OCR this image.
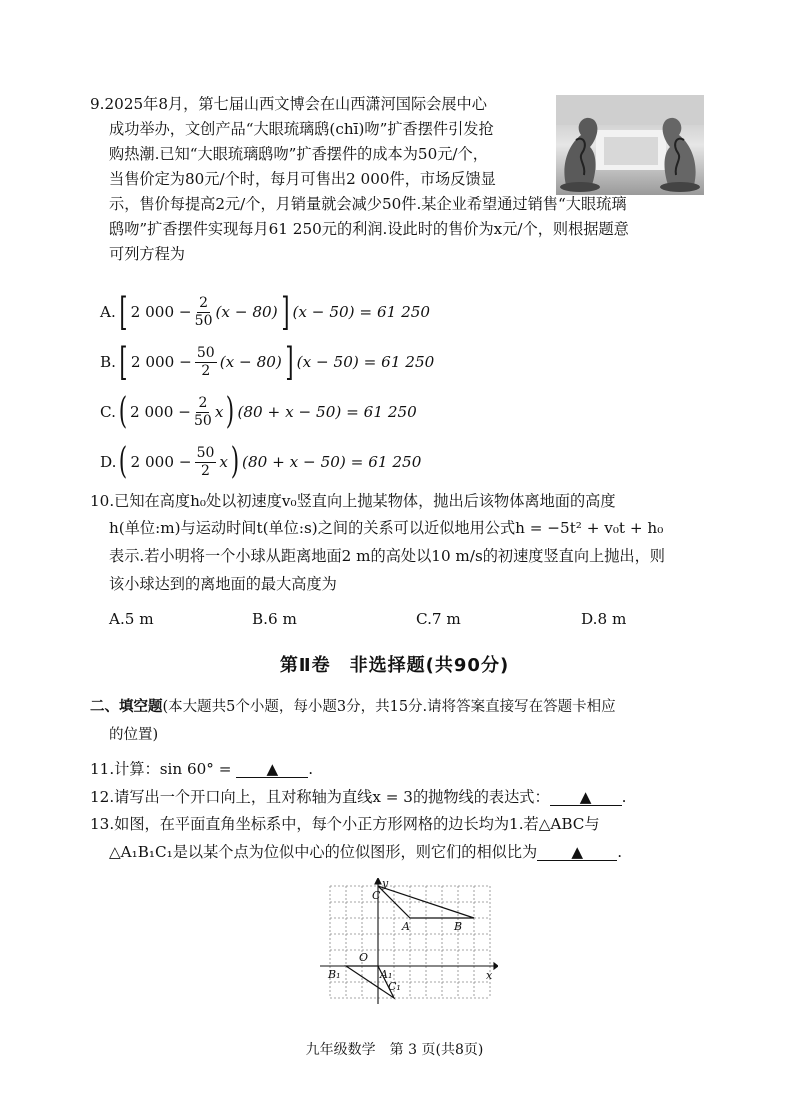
9.2025年8月，第七届山西文博会在山西潇河国际会展中心
成功举办，文创产品“大眼琉璃鸱(chī)吻”扩香摆件引发抢
购热潮.已知“大眼琉璃鸱吻”扩香摆件的成本为50元/个，
当售价定为80元/个时，每月可售出2 000件，市场反馈显
示，售价每提高2元/个，月销量就会减少50件.某企业希望通过销售“大眼琉璃
鸱吻”扩香摆件实现每月61 250元的利润.设此时的售价为x元/个，则根据题意
可列方程为
A. [ 2 $000 - \frac{2}{50} (x - 80)$ ] (x − 50) = 61 250
B. [ 2 $000 - \frac{50}{2} (x - 80)$ ] (x − 50) = 61 250
C. ( 2 $000 - \frac{2}{50}$ x ) (80 + x − 50) = 61 250
D. ( 2 $000 - \frac{50}{2}$ x ) (80 + x − 50) = 61 250
10.已知在高度h₀处以初速度v₀竖直向上抛某物体，抛出后该物体离地面的高度
h(单位:m)与运动时间t(单位:s)之间的关系可以近似地用公式h = −5t² + v₀t + h₀
表示.若小明将一个小球从距离地面2 m的高处以10 m/s的初速度竖直向上抛出，则
该小球达到的离地面的最大高度为
A.5 m	B.6 m	C.7 m	D.8 m
第Ⅱ卷　非选择题(共90分)
二、填空题(本大题共5个小题，每小题3分，共15分.请将答案直接写在答题卡相应
的位置)
11.计算：sin 60° = ▲ .
12.请写出一个开口向上，且对称轴为直线x = 3的抛物线的表达式： ▲ .
13.如图，在平面直角坐标系中，每个小正方形网格的边长均为1.若△ABC与
△A₁B₁C₁是以某个点为位似中心的位似图形，则它们的相似比为 ▲ .
y
x
O
C
A	B
A₁
B₁
C₁
九年级数学　第 3 页(共8页)
